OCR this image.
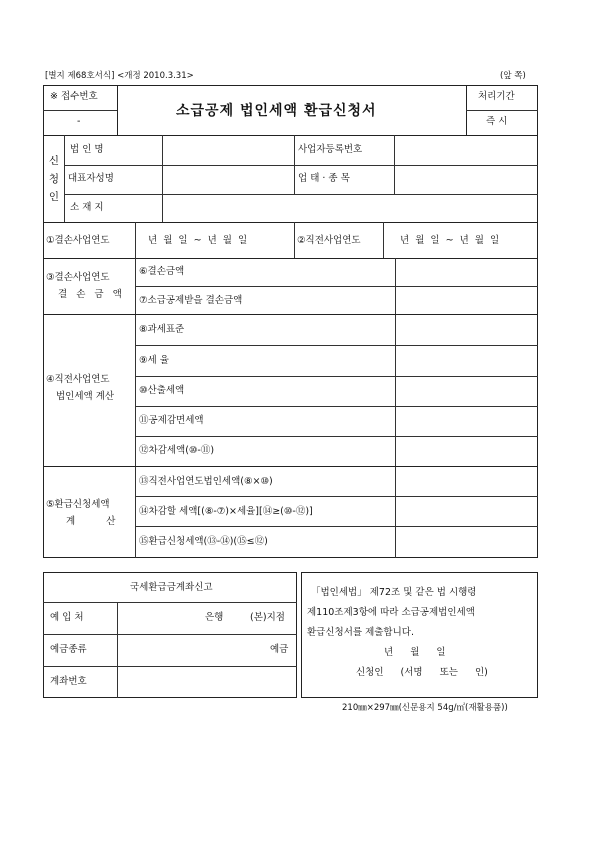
[별지 제68호서식] <개정 2010.3.31>	(앞 쪽)
※ 접수번호
-
소급공제 법인세액 환급신청서
처리기간
즉 시
신
청
인
법 인 명	사업자등록번호
대표자성명	업 태 · 종 목
소 재 지
①결손사업연도	년 월 일 ~ 년 월 일	②직전사업연도	년 월 일 ~ 년 월 일
③결손사업연도
결 손 금 액
⑥결손금액
⑦소급공제받을 결손금액
④직전사업연도
법인세액 계산
⑧과세표준
⑨세 율
⑩산출세액
⑪공제감면세액
⑫차감세액(⑩-⑪)
⑤환급신청세액
계 산
⑬직전사업연도법인세액(⑧×⑩)
⑭차감할 세액[(⑧-⑦)×세율][⑭≥(⑩-⑫)]
⑮환급신청세액(⑬-⑭)(⑮≤⑫)
국세환급금계좌신고
예 입 처	은행	(본)지점
예금종류	예금
계좌번호
「법인세법」 제72조 및 같은 법 시행령
제110조제3항에 따라 소급공제법인세액
환급신청서를 제출합니다.
년 월 일
신청인 (서명 또는 인)
210㎜×297㎜(신문용지 54g/㎡(재활용품))
